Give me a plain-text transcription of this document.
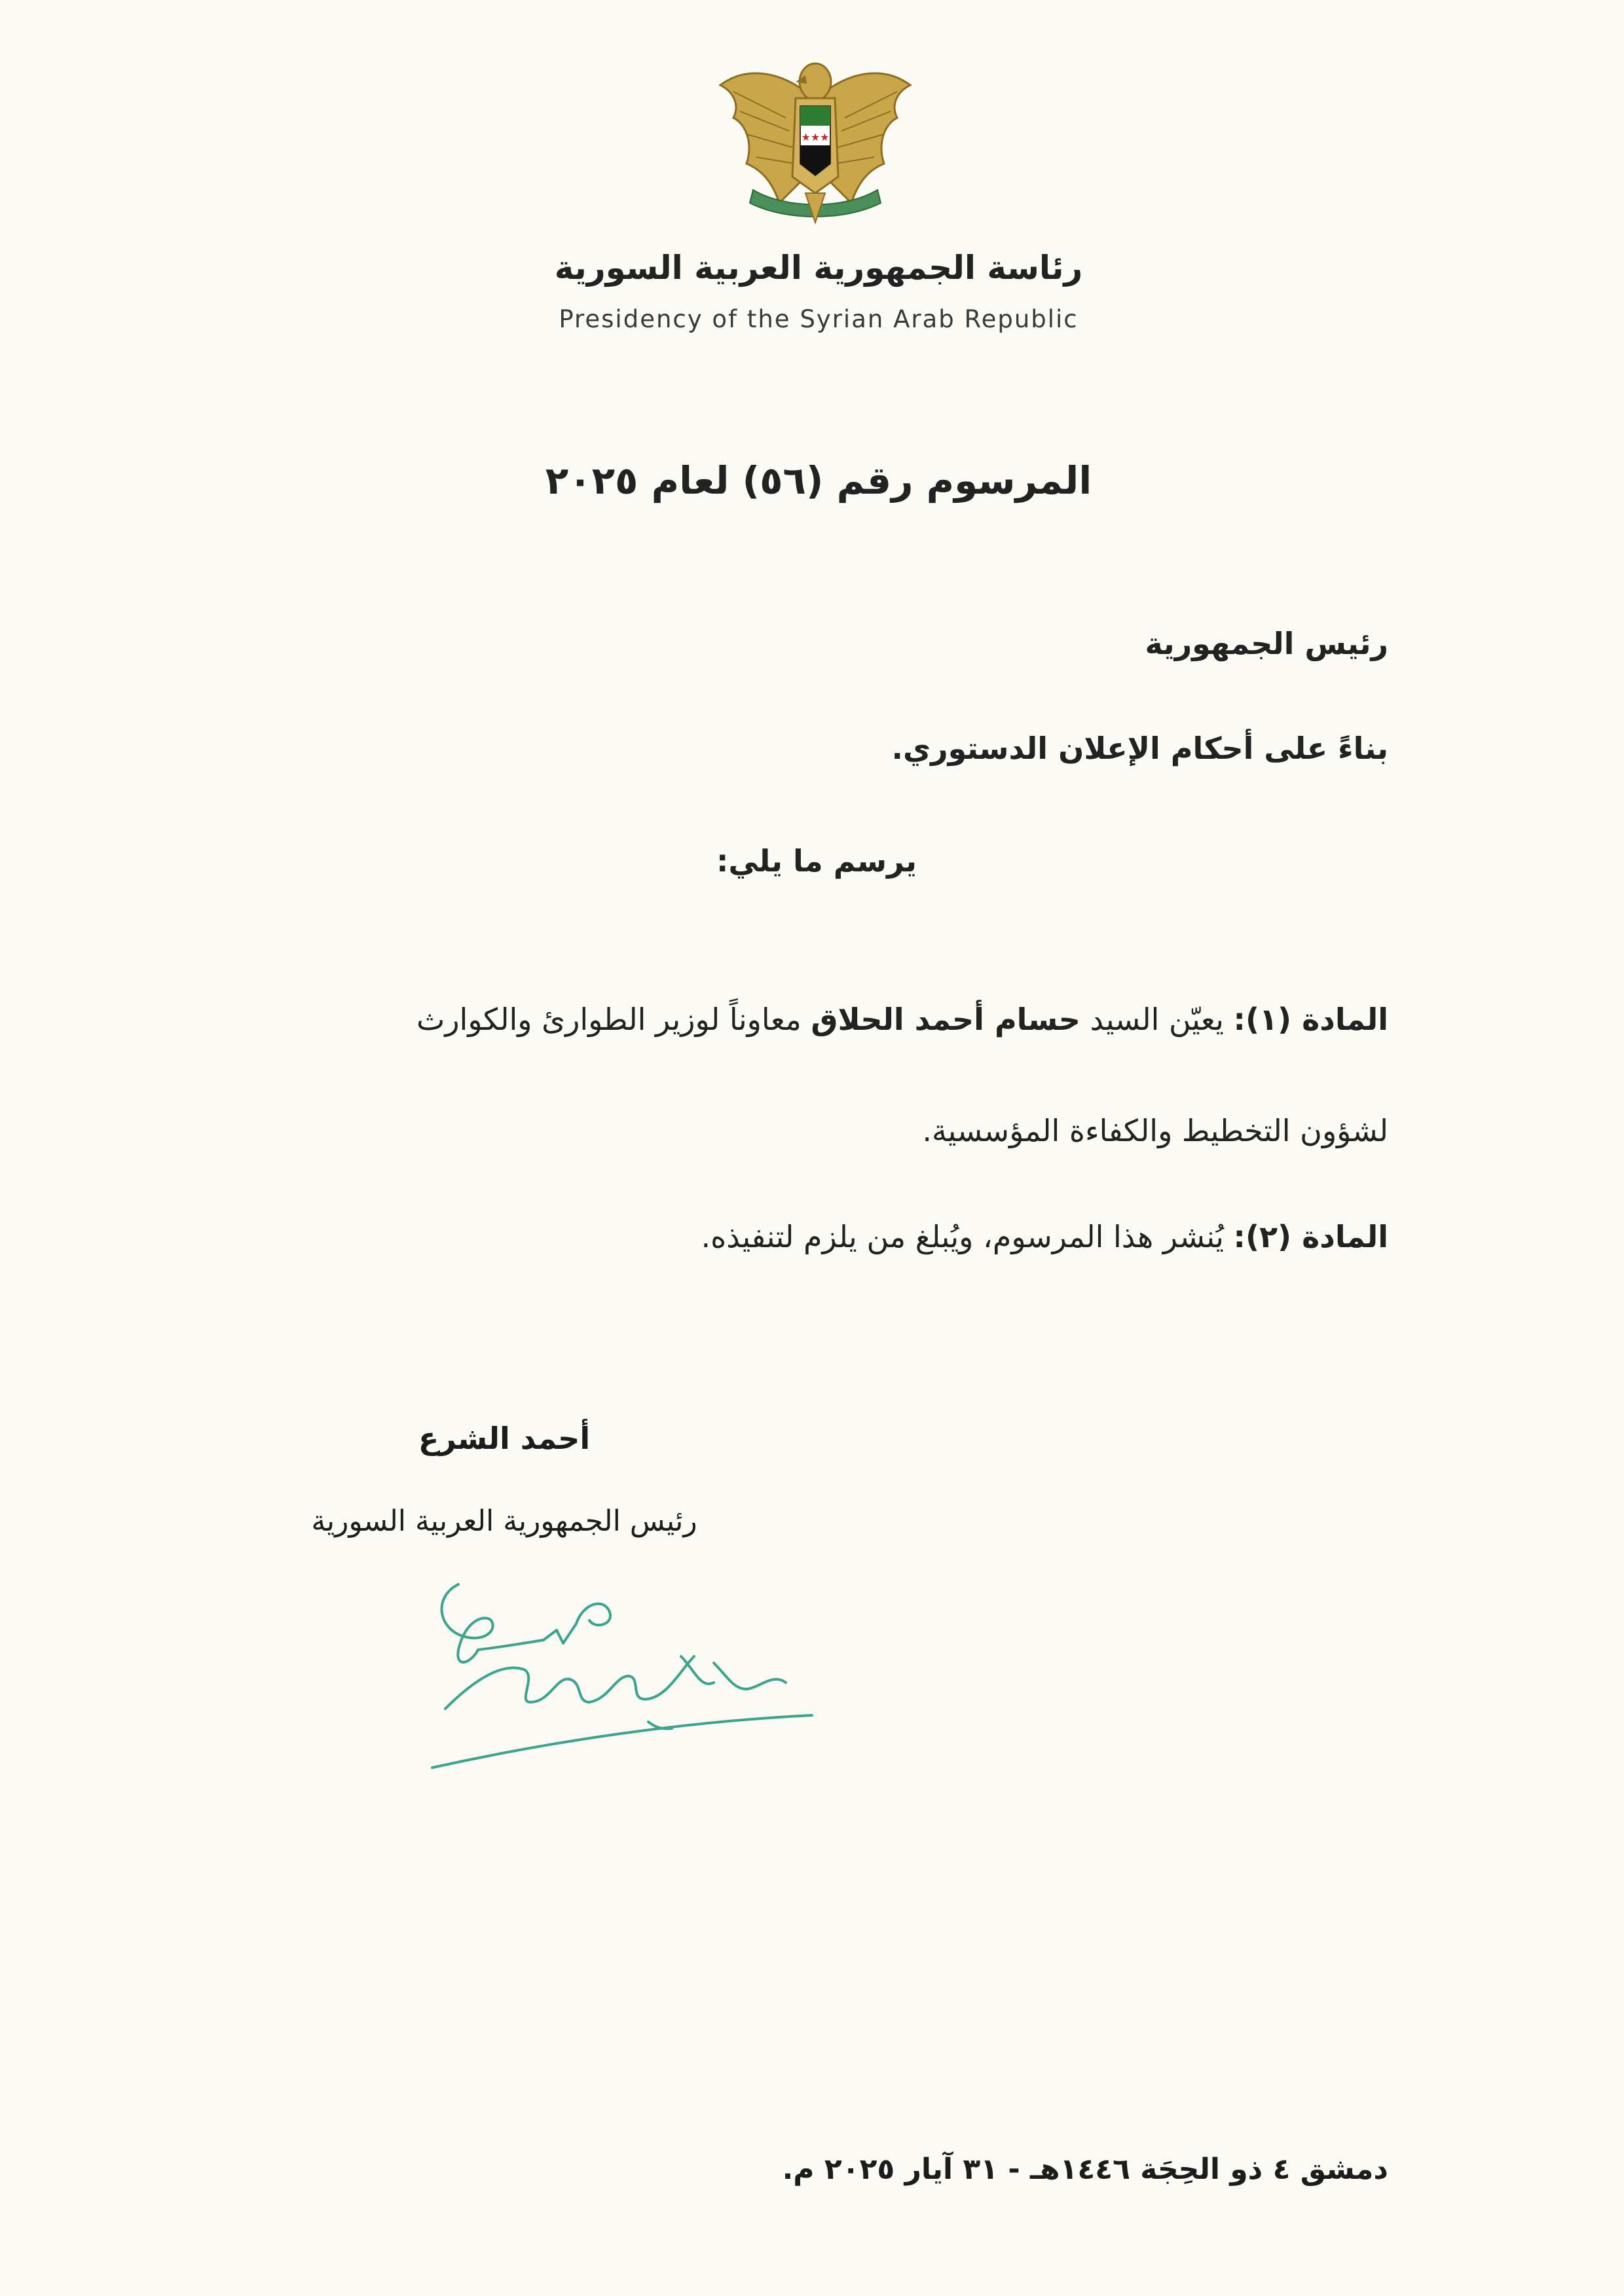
★★★
رئاسة الجمهورية العربية السورية
Presidency of the Syrian Arab Republic
المرسوم رقم (٥٦) لعام ٢٠٢٥
رئيس الجمهورية
بناءً على أحكام الإعلان الدستوري.
يرسم ما يلي:
المادة (١): يعيّن السيد حسام أحمد الحلاق معاوناً لوزير الطوارئ والكوارث
لشؤون التخطيط والكفاءة المؤسسية.
المادة (٢): يُنشر هذا المرسوم، ويُبلغ من يلزم لتنفيذه.
أحمد الشرع
رئيس الجمهورية العربية السورية
دمشق ٤ ذو الحِجَة ١٤٤٦هـ - ٣١ آيار ٢٠٢٥ م.
